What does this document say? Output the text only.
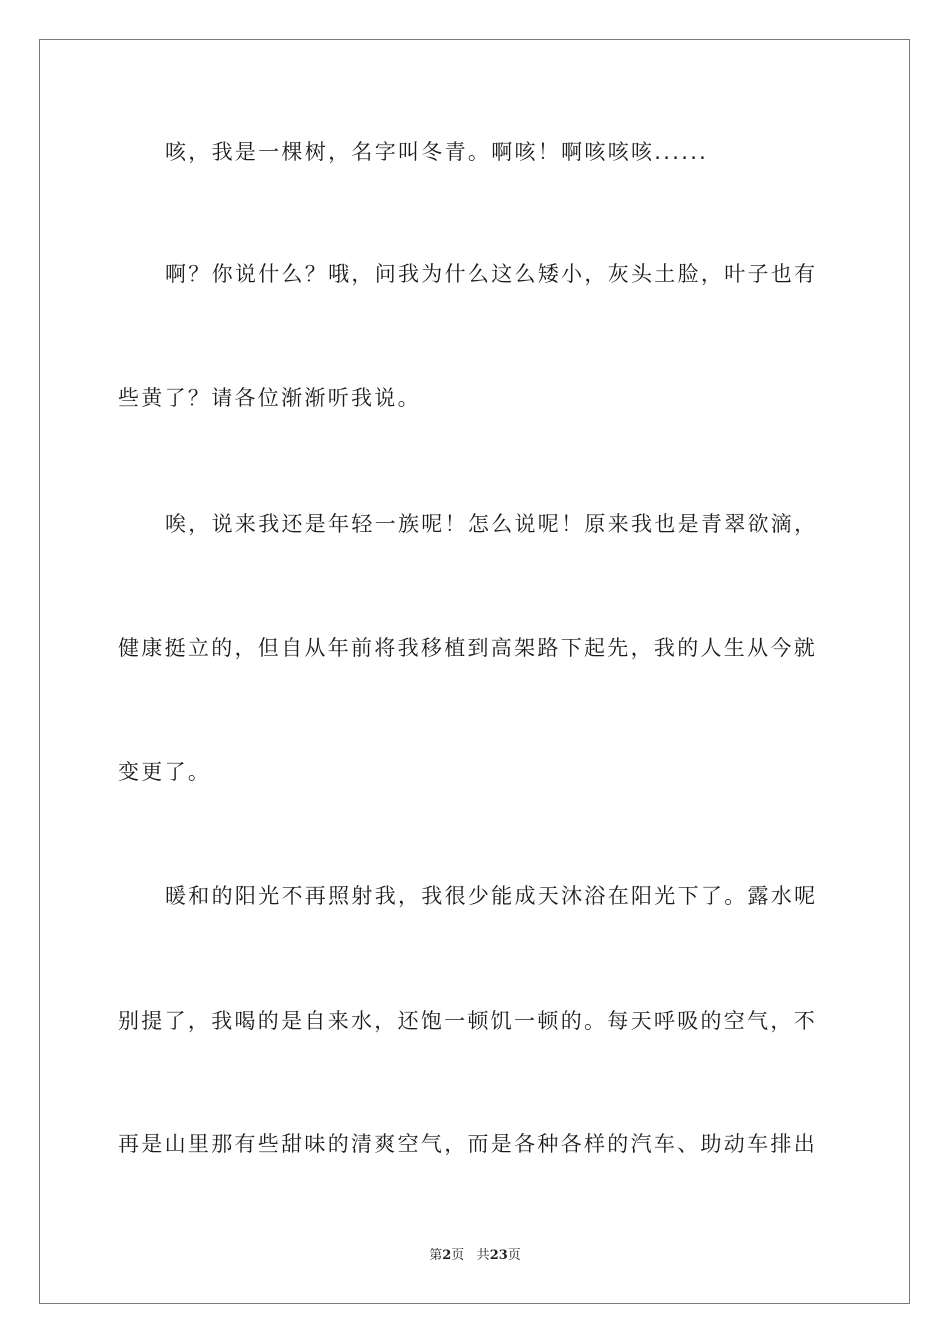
咳，我是一棵树，名字叫冬青。啊咳！啊咳咳咳......
啊？你说什么？哦，问我为什么这么矮小，灰头土脸，叶子也有
些黄了？请各位渐渐听我说。
唉，说来我还是年轻一族呢！怎么说呢！原来我也是青翠欲滴，
健康挺立的，但自从年前将我移植到高架路下起先，我的人生从今就
变更了。
暖和的阳光不再照射我，我很少能成天沐浴在阳光下了。露水呢
别提了，我喝的是自来水，还饱一顿饥一顿的。每天呼吸的空气，不
再是山里那有些甜味的清爽空气，而是各种各样的汽车、助动车排出
第2页 共23页
